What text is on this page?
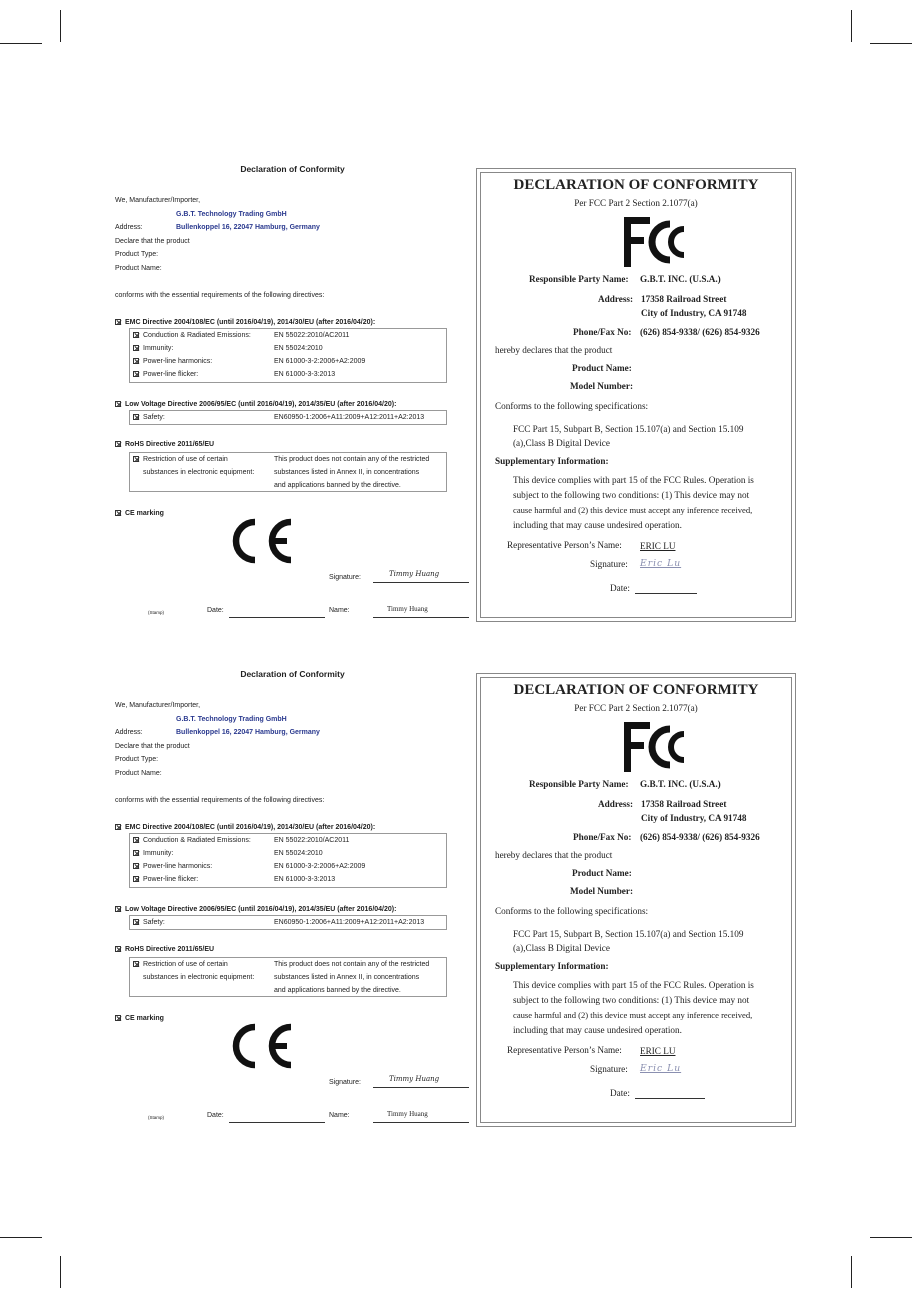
Declaration of Conformity
We, Manufacturer/Importer,
G.B.T. Technology Trading GmbH
Address:	Bullenkoppel 16, 22047 Hamburg, Germany
Declare that the product
Product Type:
Product Name:
conforms with the essential requirements of the following directives:
EMC Directive 2004/108/EC (until 2016/04/19), 2014/30/EU (after 2016/04/20):
Conduction & Radiated Emissions:	EN 55022:2010/AC2011
Immunity:	EN 55024:2010
Power-line harmonics:	EN 61000-3-2:2006+A2:2009
Power-line flicker:	EN 61000-3-3:2013
Low Voltage Directive 2006/95/EC (until 2016/04/19), 2014/35/EU (after 2016/04/20):
Safety:	EN60950-1:2006+A11:2009+A12:2011+A2:2013
RoHS Directive 2011/65/EU
Restriction of use of certain	This product does not contain any of the restricted
substances in electronic equipment:	substances listed in Annex II, in concentrations
and applications banned by the directive.
CE marking
Signature:	Timmy Huang
(Stamp)	Date:	Name:	Timmy Huang
DECLARATION OF CONFORMITY
Per FCC Part 2 Section 2.1077(a)
Responsible Party Name: G.B.T. INC. (U.S.A.)
Address: 17358 Railroad Street
City of Industry, CA 91748
Phone/Fax No: (626) 854-9338/ (626) 854-9326
hereby declares that the product
Product Name:
Model Number:
Conforms to the following specifications:
FCC Part 15, Subpart B, Section 15.107(a) and Section 15.109
(a),Class B Digital Device
Supplementary Information:
This device complies with part 15 of the FCC Rules. Operation is
subject to the following two conditions: (1) This device may not
cause harmful and (2) this device must accept any inference received,
including that may cause undesired operation.
Representative Person’s Name: ERIC LU
Signature: Eric Lu
Date:
Declaration of Conformity
We, Manufacturer/Importer,
G.B.T. Technology Trading GmbH
Address:	Bullenkoppel 16, 22047 Hamburg, Germany
Declare that the product
Product Type:
Product Name:
conforms with the essential requirements of the following directives:
EMC Directive 2004/108/EC (until 2016/04/19), 2014/30/EU (after 2016/04/20):
Conduction & Radiated Emissions:	EN 55022:2010/AC2011
Immunity:	EN 55024:2010
Power-line harmonics:	EN 61000-3-2:2006+A2:2009
Power-line flicker:	EN 61000-3-3:2013
Low Voltage Directive 2006/95/EC (until 2016/04/19), 2014/35/EU (after 2016/04/20):
Safety:	EN60950-1:2006+A11:2009+A12:2011+A2:2013
RoHS Directive 2011/65/EU
Restriction of use of certain	This product does not contain any of the restricted
substances in electronic equipment:	substances listed in Annex II, in concentrations
and applications banned by the directive.
CE marking
Signature:	Timmy Huang
(Stamp)	Date:	Name:	Timmy Huang
DECLARATION OF CONFORMITY
Per FCC Part 2 Section 2.1077(a)
Responsible Party Name: G.B.T. INC. (U.S.A.)
Address: 17358 Railroad Street
City of Industry, CA 91748
Phone/Fax No: (626) 854-9338/ (626) 854-9326
hereby declares that the product
Product Name:
Model Number:
Conforms to the following specifications:
FCC Part 15, Subpart B, Section 15.107(a) and Section 15.109
(a),Class B Digital Device
Supplementary Information:
This device complies with part 15 of the FCC Rules. Operation is
subject to the following two conditions: (1) This device may not
cause harmful and (2) this device must accept any inference received,
including that may cause undesired operation.
Representative Person’s Name: ERIC LU
Signature: Eric Lu
Date:
